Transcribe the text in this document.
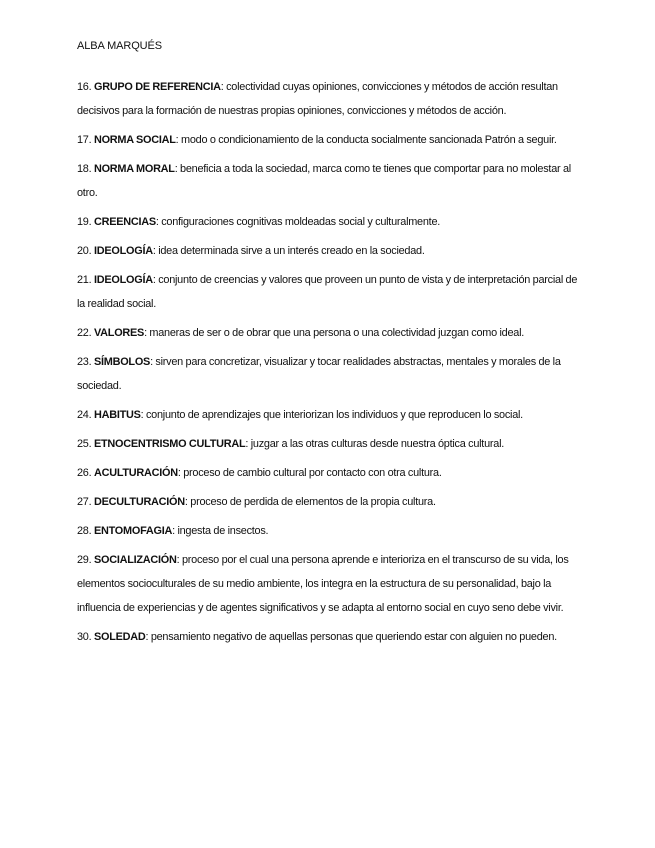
ALBA MARQUÉS

16. GRUPO DE REFERENCIA: colectividad cuyas opiniones, convicciones y métodos de acción resultan decisivos para la formación de nuestras propias opiniones, convicciones y métodos de acción.

17. NORMA SOCIAL: modo o condicionamiento de la conducta socialmente sancionada Patrón a seguir.

18. NORMA MORAL: beneficia a toda la sociedad, marca como te tienes que comportar para no molestar al otro.

19. CREENCIAS: configuraciones cognitivas moldeadas social y culturalmente.

20. IDEOLOGÍA: idea determinada sirve a un interés creado en la sociedad.

21. IDEOLOGÍA: conjunto de creencias y valores que proveen un punto de vista y de interpretación parcial de la realidad social.

22. VALORES: maneras de ser o de obrar que una persona o una colectividad juzgan como ideal.

23. SÍMBOLOS: sirven para concretizar, visualizar y tocar realidades abstractas, mentales y morales de la sociedad.

24. HABITUS: conjunto de aprendizajes que interiorizan los individuos y que reproducen lo social.

25. ETNOCENTRISMO CULTURAL: juzgar a las otras culturas desde nuestra óptica cultural.

26. ACULTURACIÓN: proceso de cambio cultural por contacto con otra cultura.

27. DECULTURACIÓN: proceso de perdida de elementos de la propia cultura.

28. ENTOMOFAGIA: ingesta de insectos.

29. SOCIALIZACIÓN: proceso por el cual una persona aprende e interioriza en el transcurso de su vida, los elementos socioculturales de su medio ambiente, los integra en la estructura de su personalidad, bajo la influencia de experiencias y de agentes significativos y se adapta al entorno social en cuyo seno debe vivir.

30. SOLEDAD: pensamiento negativo de aquellas personas que queriendo estar con alguien no pueden.
